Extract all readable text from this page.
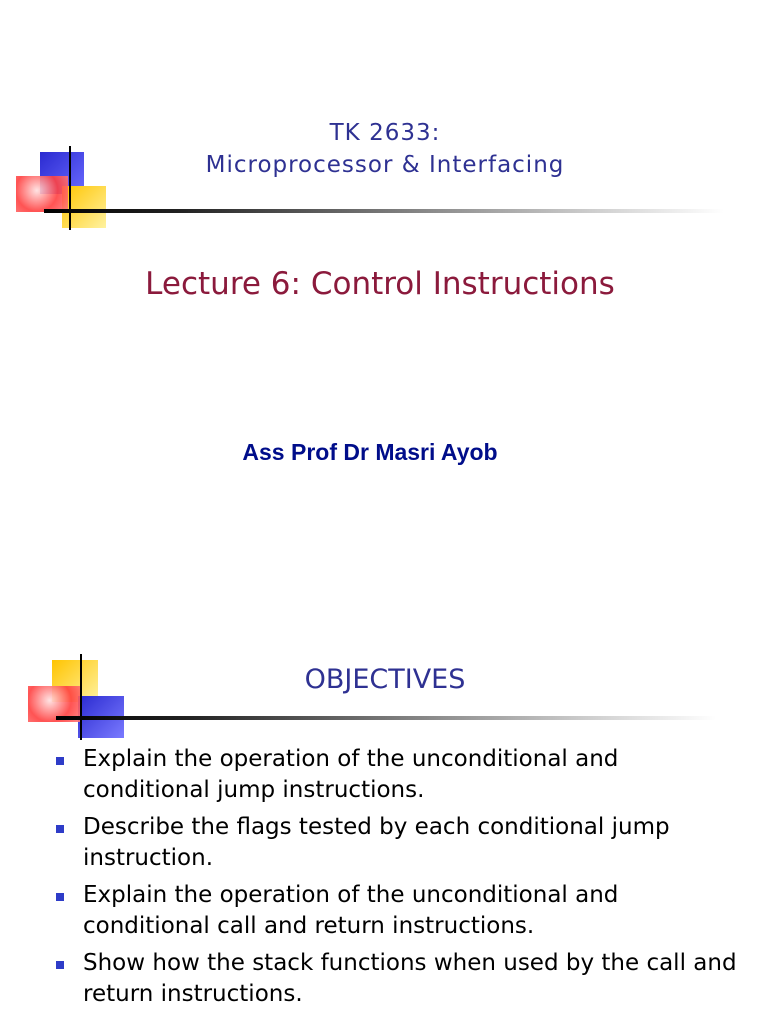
TK 2633:
Microprocessor & Interfacing
Lecture 6: Control Instructions
Ass Prof Dr Masri Ayob
OBJECTIVES
Explain the operation of the unconditional and conditional jump instructions.
Describe the flags tested by each conditional jump instruction.
Explain the operation of the unconditional and conditional call and return instructions.
Show how the stack functions when used by the call and return instructions.
